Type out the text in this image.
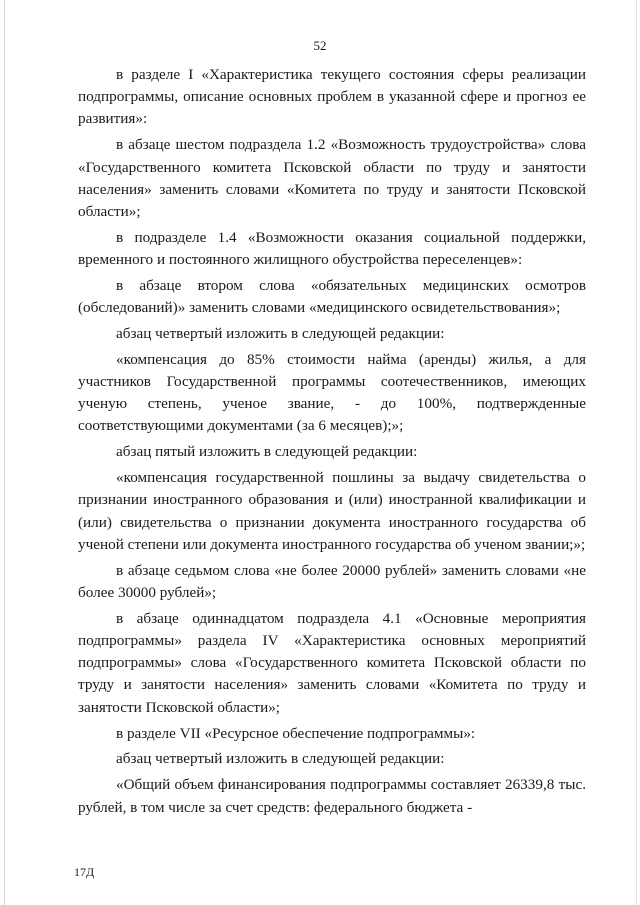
52

в разделе I «Характеристика текущего состояния сферы реализации подпрограммы, описание основных проблем в указанной сфере и прогноз ее развития»:

в абзаце шестом подраздела 1.2 «Возможность трудоустройства» слова «Государственного комитета Псковской области по труду и занятости населения» заменить словами «Комитета по труду и занятости Псковской области»;

в подразделе 1.4 «Возможности оказания социальной поддержки, временного и постоянного жилищного обустройства переселенцев»:

в абзаце втором слова «обязательных медицинских осмотров (обследований)» заменить словами «медицинского освидетельствования»;

абзац четвертый изложить в следующей редакции:

«компенсация до 85% стоимости найма (аренды) жилья, а для участников Государственной программы соотечественников, имеющих ученую степень, ученое звание, - до 100%, подтвержденные соответствующими документами (за 6 месяцев);»;

абзац пятый изложить в следующей редакции:

«компенсация государственной пошлины за выдачу свидетельства о признании иностранного образования и (или) иностранной квалификации и (или) свидетельства о признании документа иностранного государства об ученой степени или документа иностранного государства об ученом звании;»;

в абзаце седьмом слова «не более 20000 рублей» заменить словами «не более 30000 рублей»;

в абзаце одиннадцатом подраздела 4.1 «Основные мероприятия подпрограммы» раздела IV «Характеристика основных мероприятий подпрограммы» слова «Государственного комитета Псковской области по труду и занятости населения» заменить словами «Комитета по труду и занятости Псковской области»;

в разделе VII «Ресурсное обеспечение подпрограммы»:

абзац четвертый изложить в следующей редакции:

«Общий объем финансирования подпрограммы составляет 26339,8 тыс. рублей, в том числе за счет средств: федерального бюджета -

17Д
